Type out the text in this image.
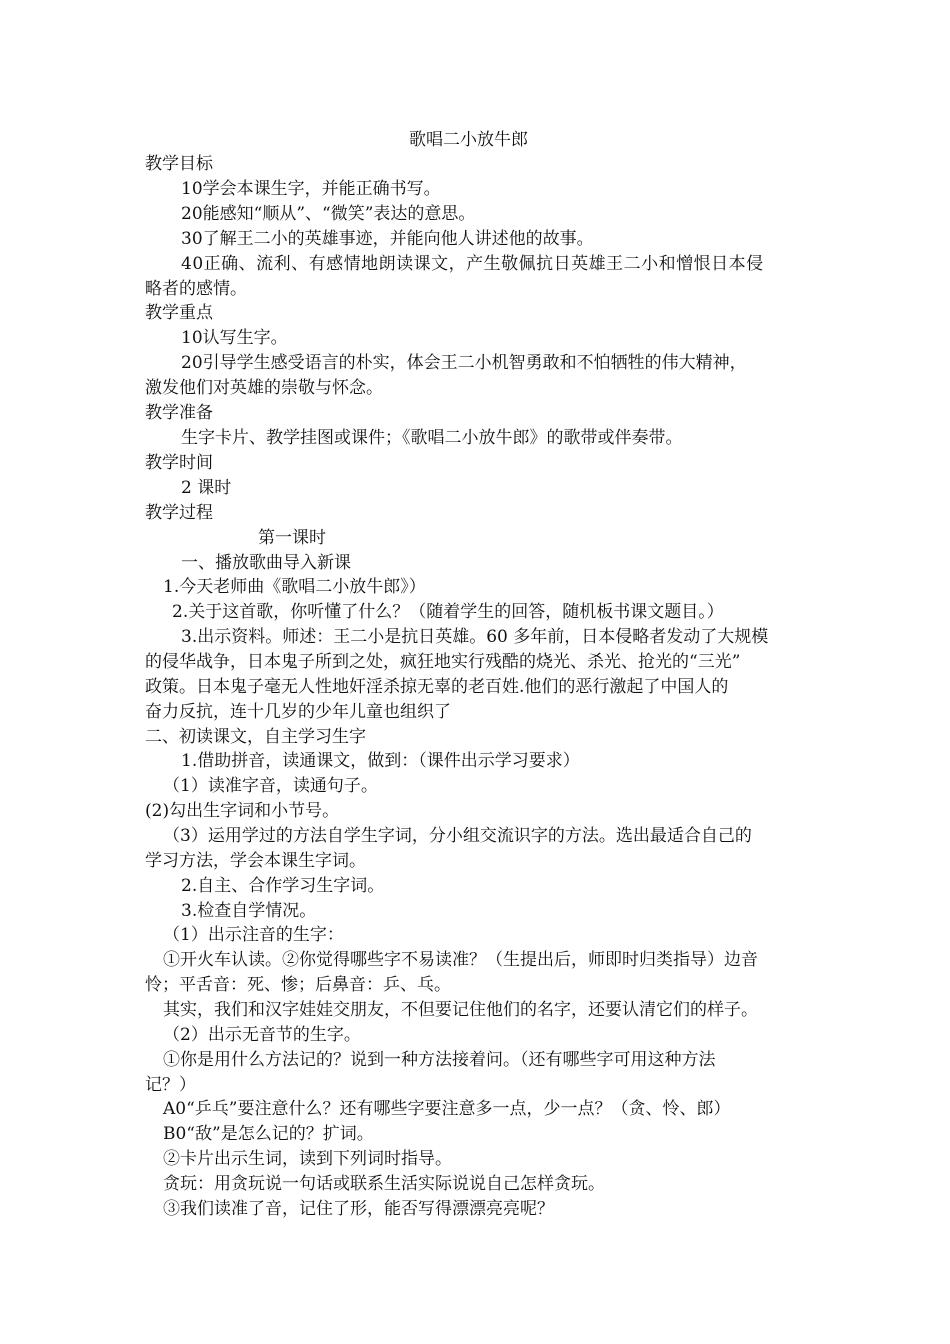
歌唱二小放牛郎
教学目标
10学会本课生字，并能正确书写。
20能感知“顺从”、“微笑”表达的意思。
30了解王二小的英雄事迹，并能向他人讲述他的故事。
40正确、流利、有感情地朗读课文，产生敬佩抗日英雄王二小和憎恨日本侵
略者的感情。
教学重点
10认写生字。
20引导学生感受语言的朴实，体会王二小机智勇敢和不怕牺牲的伟大精神，
激发他们对英雄的崇敬与怀念。
教学准备
生字卡片、教学挂图或课件；《歌唱二小放牛郎》的歌带或伴奏带。
教学时间
2 课时
教学过程
第一课时
一、播放歌曲导入新课
1.今天老师曲《歌唱二小放牛郎》）
2.关于这首歌，你听懂了什么？（随着学生的回答，随机板书课文题目。）
3.出示资料。师述：王二小是抗日英雄。60 多年前，日本侵略者发动了大规模
的侵华战争，日本鬼子所到之处，疯狂地实行残酷的烧光、杀光、抢光的“三光”
政策。日本鬼子毫无人性地奸淫杀掠无辜的老百姓.他们的恶行激起了中国人的
奋力反抗，连十几岁的少年儿童也组织了
二、初读课文，自主学习生字
1.借助拼音，读通课文，做到：（课件出示学习要求）
（1）读准字音，读通句子。
(2)勾出生字词和小节号。
（3）运用学过的方法自学生字词，分小组交流识字的方法。选出最适合自己的
学习方法，学会本课生字词。
2.自主、合作学习生字词。
3.检查自学情况。
（1）出示注音的生字：
①开火车认读。②你觉得哪些字不易读准？（生提出后，师即时归类指导）边音
怜；平舌音：死、惨；后鼻音：乒、乓。
其实，我们和汉字娃娃交朋友，不但要记住他们的名字，还要认清它们的样子。
（2）出示无音节的生字。
①你是用什么方法记的？说到一种方法接着问。（还有哪些字可用这种方法
记？）
A0“乒乓”要注意什么？还有哪些字要注意多一点，少一点？（贪、怜、郎）
B0“敌”是怎么记的？扩词。
②卡片出示生词，读到下列词时指导。
贪玩：用贪玩说一句话或联系生活实际说说自己怎样贪玩。
③我们读准了音，记住了形，能否写得漂漂亮亮呢？
